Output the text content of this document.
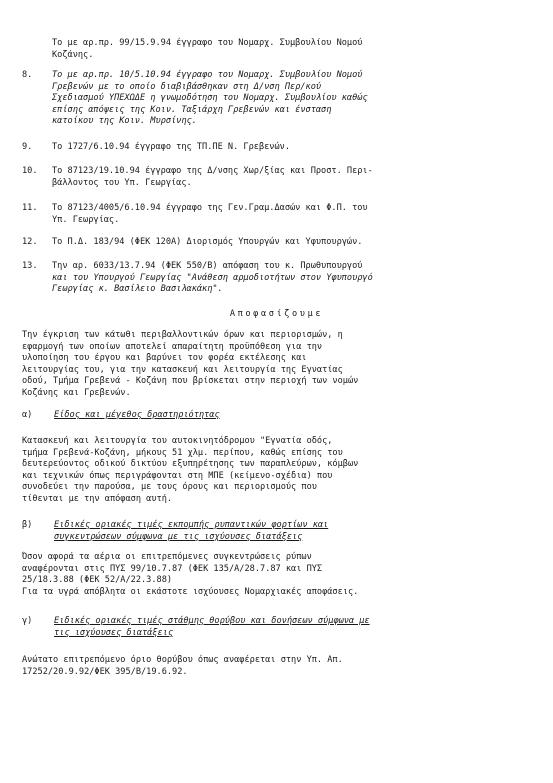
Το με αρ.πρ. 99/15.9.94 έγγραφο του Νομαρχ. Συμβουλίου Νομού
Κοζάνης.
8.	Το με αρ.πρ. 10/5.10.94 έγγραφο του Νομαρχ. Συμβουλίου Νομού
Γρεβενών με το οποίο διαβιβάσθηκαν στη Δ/νση Περ/κού
Σχεδιασμού ΥΠΕΧΩΔΕ η γνωμοδότηση του Νομαρχ. Συμβουλίου καθώς
επίσης απόψεις της Κοιν. Ταξιάρχη Γρεβενών και ένσταση
κατοίκου της Κοιν. Μυρσίνης.
9.	Το 1727/6.10.94 έγγραφο της ΤΠ.ΠΕ Ν. Γρεβενών.
10.	Το 87123/19.10.94 έγγραφο της Δ/νσης Χωρ/ξίας και Προστ. Περι-
βάλλοντος του Υπ. Γεωργίας.
11.	Το 87123/4005/6.10.94 έγγραφο της Γεν.Γραμ.Δασών και Φ.Π. του
Υπ. Γεωργίας.
12.	Το Π.Δ. 183/94 (ΦΕΚ 120Α) Διορισμός Υπουργών και Υφυπουργών.
13.	Την αρ. 6033/13.7.94 (ΦΕΚ 550/Β) απόφαση του κ. Πρωθυπουργού
και του Υπουργού Γεωργίας "Ανάθεση αρμοδιοτήτων στον Υφυπουργό
Γεωργίας κ. Βασίλειο Βασιλακάκη".
Αποφασίζουμε
Την έγκριση των κάτωθι περιβαλλοντικών όρων και περιορισμών, η
εφαρμογή των οποίων αποτελεί απαραίτητη προϋπόθεση για την
υλοποίηση του έργου και βαρύνει τον φορέα εκτέλεσης και
λειτουργίας του, για την κατασκευή και λειτουργία της Εγνατίας
οδού, Τμήμα Γρεβενά - Κοζάνη που βρίσκεται στην περιοχή των νομών
Κοζάνης και Γρεβενών.
α)	Είδος και μέγεθος δραστηριότητας
Κατασκευή και λειτουργία του αυτοκινητόδρομου "Εγνατία οδός,
τμήμα Γρεβενά-Κοζάνη, μήκους 51 χλμ. περίπου, καθώς επίσης του
δευτερεύοντος οδικού δικτύου εξυπηρέτησης των παραπλεύρων, κόμβων
και τεχνικών όπως περιγράφονται στη ΜΠΕ (κείμενο-σχέδια) που
συνοδεύει την παρούσα, με τους όρους και περιορισμούς που
τίθενται με την απόφαση αυτή.
β)	Ειδικές οριακές τιμές εκπομπής ρυπαντικών φορτίων και
συγκεντρώσεων σύμφωνα με τις ισχύουσες διατάξεις
Όσον αφορά τα αέρια οι επιτρεπόμενες συγκεντρώσεις ρύπων
αναφέρονται στις ΠΥΣ 99/10.7.87 (ΦΕΚ 135/Α/28.7.87 και ΠΥΣ
25/18.3.88 (ΦΕΚ 52/Α/22.3.88)
Για τα υγρά απόβλητα οι εκάστοτε ισχύουσες Νομαρχιακές αποφάσεις.
γ)	Ειδικές οριακές τιμές στάθμης θορύβου και δονήσεων σύμφωνα με
τις ισχύουσες διατάξεις
Ανώτατο επιτρεπόμενο όριο θορύβου όπως αναφέρεται στην Υπ. Απ.
17252/20.9.92/ΦΕΚ 395/Β/19.6.92.
